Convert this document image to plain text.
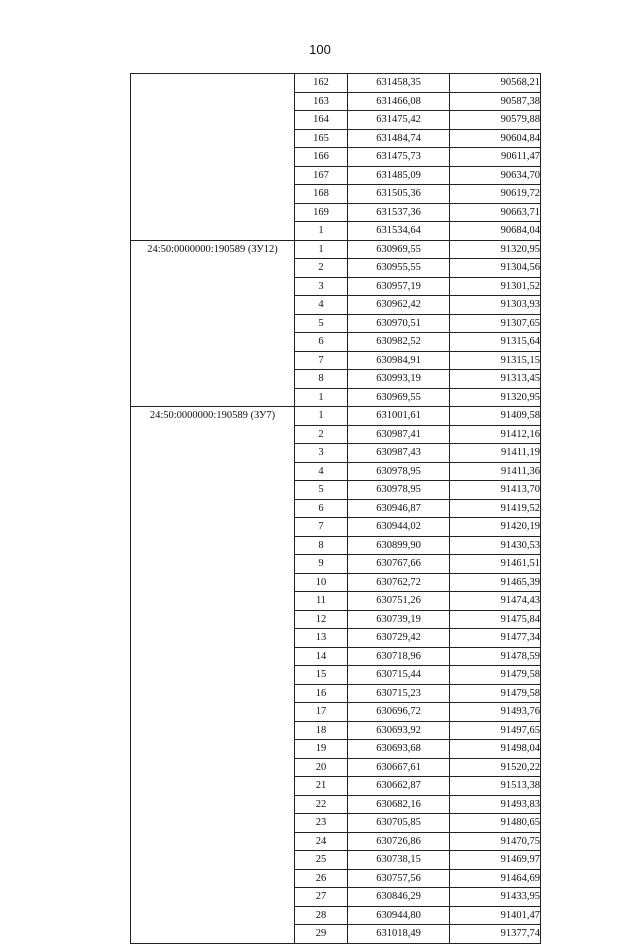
100
	162	631458,35	90568,21
	163	631466,08	90587,38
	164	631475,42	90579,88
	165	631484,74	90604,84
	166	631475,73	90611,47
	167	631485,09	90634,70
	168	631505,36	90619,72
	169	631537,36	90663,71
	1	631534,64	90684,04
24:50:0000000:190589 (ЗУ12)	1	630969,55	91320,95
	2	630955,55	91304,56
	3	630957,19	91301,52
	4	630962,42	91303,93
	5	630970,51	91307,65
	6	630982,52	91315,64
	7	630984,91	91315,15
	8	630993,19	91313,45
	1	630969,55	91320,95
24:50:0000000:190589 (ЗУ7)	1	631001,61	91409,58
	2	630987,41	91412,16
	3	630987,43	91411,19
	4	630978,95	91411,36
	5	630978,95	91413,70
	6	630946,87	91419,52
	7	630944,02	91420,19
	8	630899,90	91430,53
	9	630767,66	91461,51
	10	630762,72	91465,39
	11	630751,26	91474,43
	12	630739,19	91475,84
	13	630729,42	91477,34
	14	630718,96	91478,59
	15	630715,44	91479,58
	16	630715,23	91479,58
	17	630696,72	91493,76
	18	630693,92	91497,65
	19	630693,68	91498,04
	20	630667,61	91520,22
	21	630662,87	91513,38
	22	630682,16	91493,83
	23	630705,85	91480,65
	24	630726,86	91470,75
	25	630738,15	91469,97
	26	630757,56	91464,69
	27	630846,29	91433,95
	28	630944,80	91401,47
	29	631018,49	91377,74
